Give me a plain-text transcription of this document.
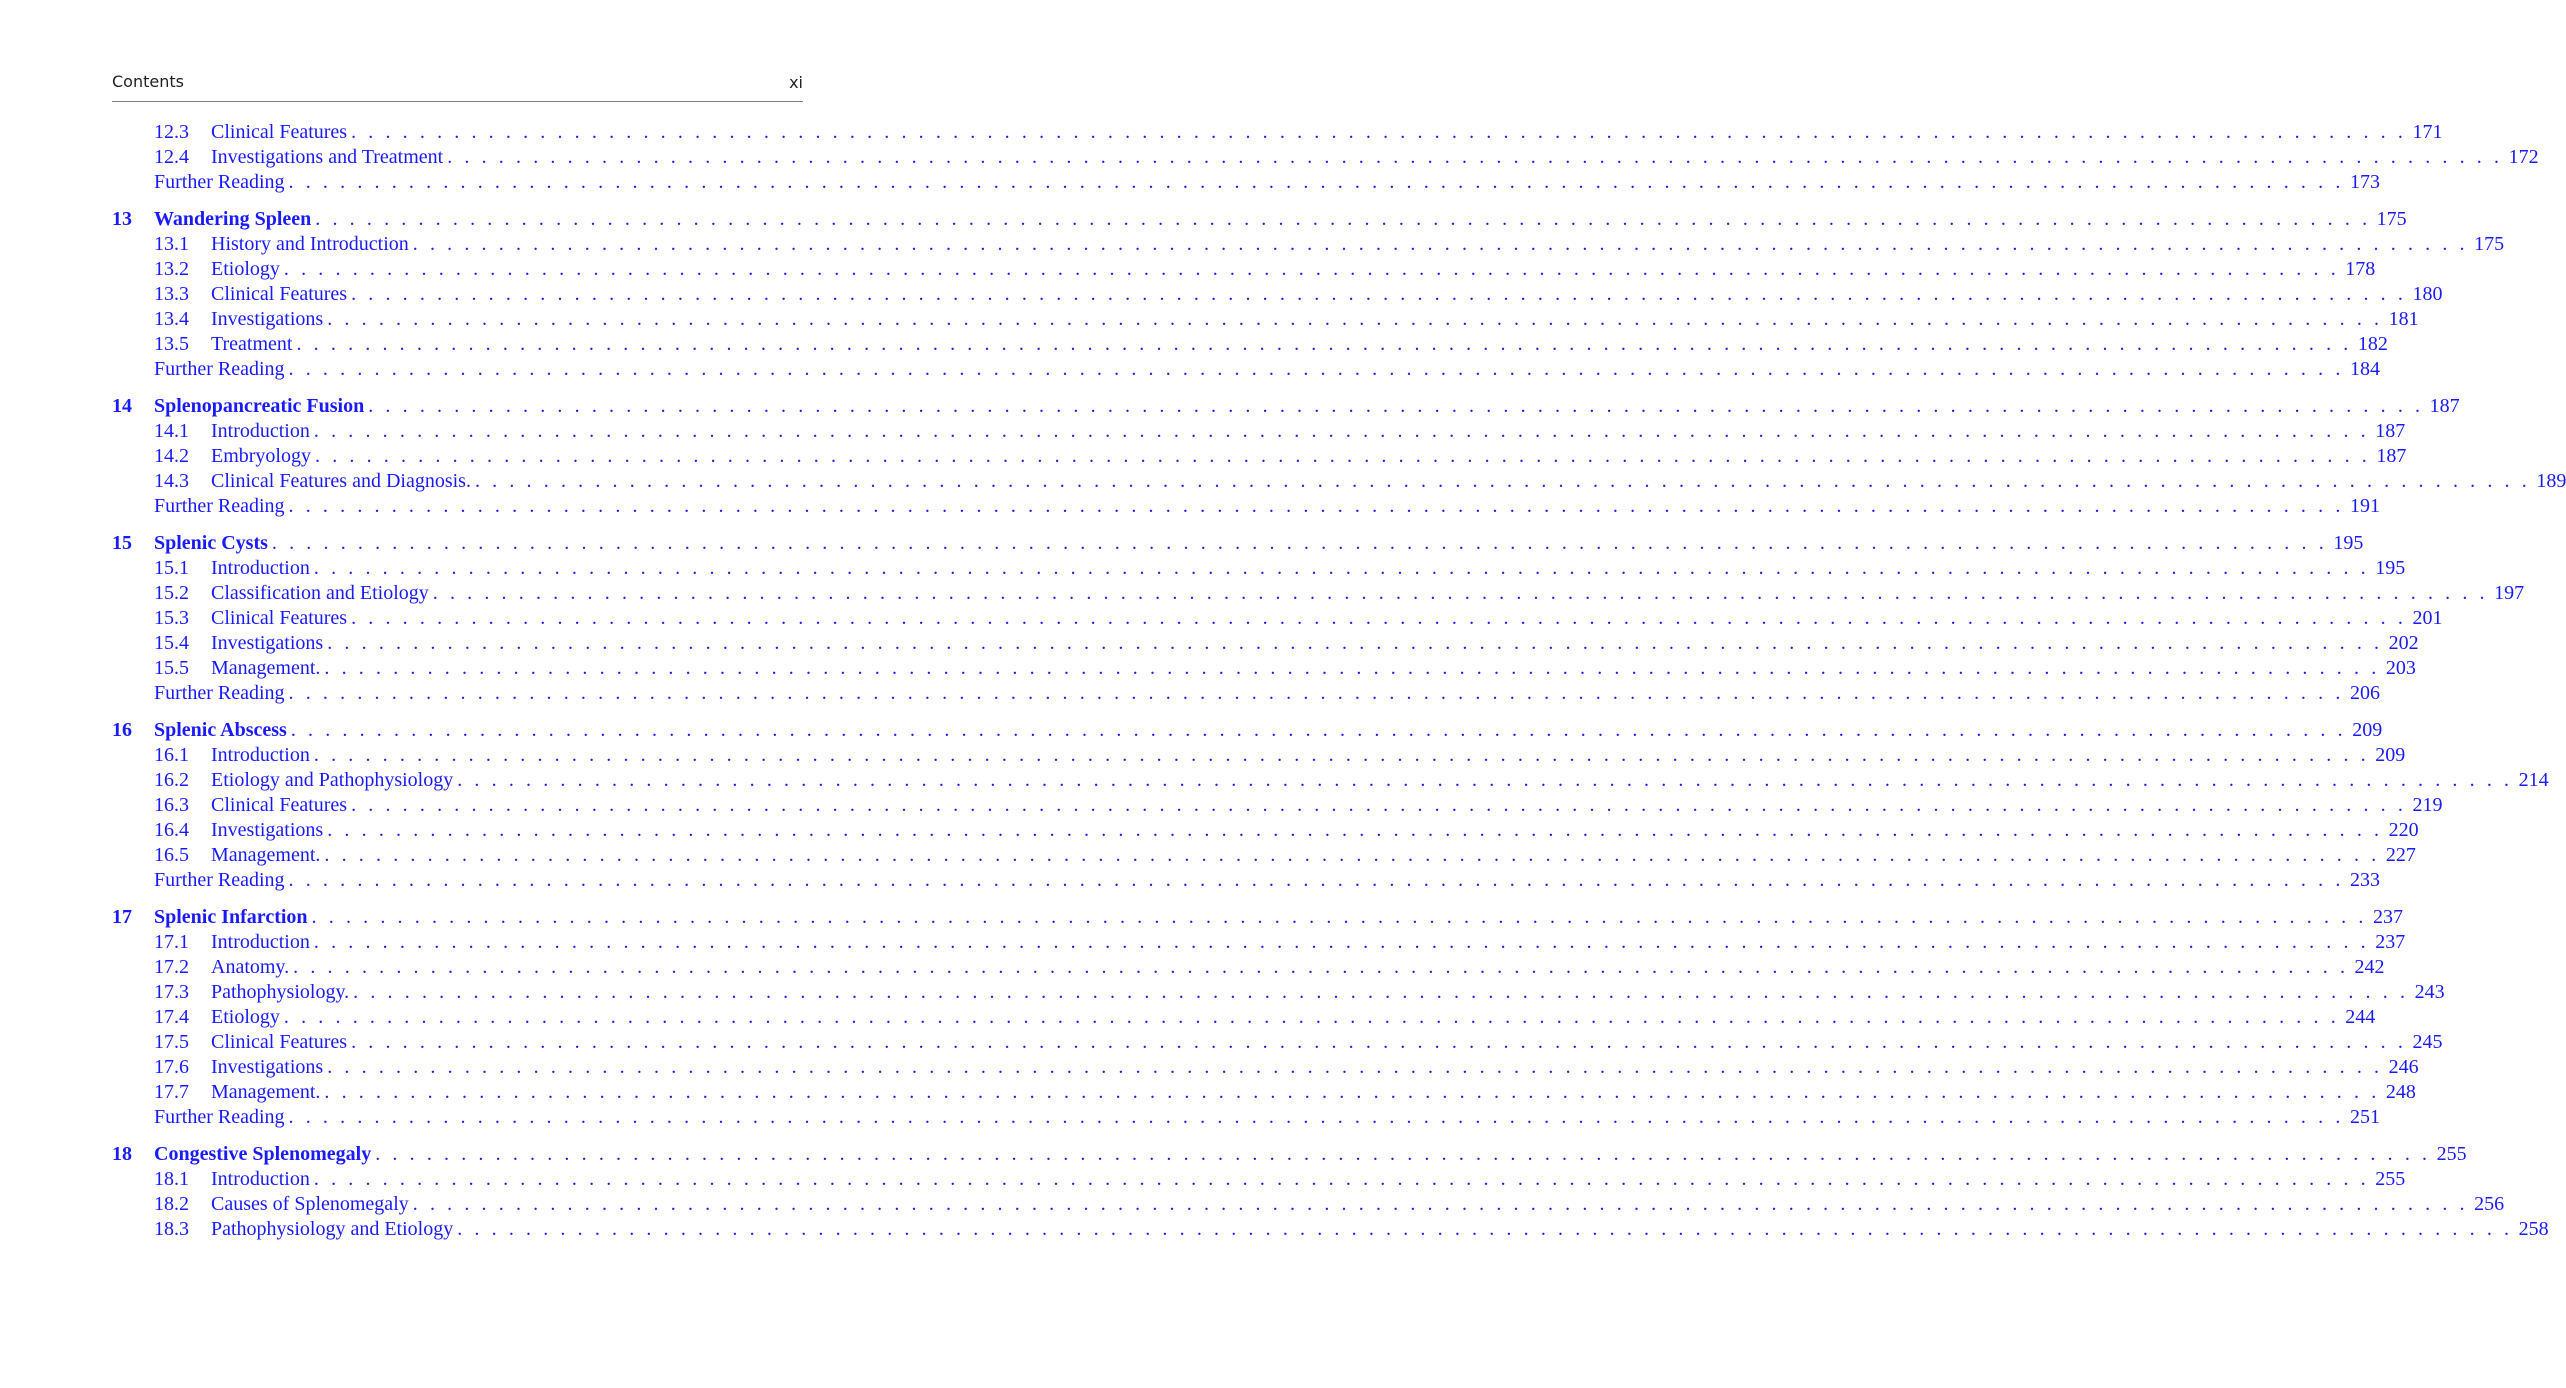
Contents	xi
12.3	Clinical Features . . . . . . . . . . . . . . . . . . . . . . . . . . . . . . . . . . . . . . . . . . . . . . . . . . . . . . . . . . . . . . . . . . . . . . . . . . . . . . . . . . . . . . . . . . . . . . . . . . . . . . . . . . . . . . . . . . . . . . . . 171
12.4	Investigations and Treatment . . . . . . . . . . . . . . . . . . . . . . . . . . . . . . . . . . . . . . . . . . . . . . . . . . . . . . . . . . . . . . . . . . . . . . . . . . . . . . . . . . . . . . . . . . . . . . . . . . . . . . . . . . . . . . . . . . . . . . . . 172
Further Reading . . . . . . . . . . . . . . . . . . . . . . . . . . . . . . . . . . . . . . . . . . . . . . . . . . . . . . . . . . . . . . . . . . . . . . . . . . . . . . . . . . . . . . . . . . . . . . . . . . . . . . . . . . . . . . . . . . . . . . . . 173
13	Wandering Spleen . . . . . . . . . . . . . . . . . . . . . . . . . . . . . . . . . . . . . . . . . . . . . . . . . . . . . . . . . . . . . . . . . . . . . . . . . . . . . . . . . . . . . . . . . . . . . . . . . . . . . . . . . . . . . . . . . . . . . . . . 175
13.1	History and Introduction . . . . . . . . . . . . . . . . . . . . . . . . . . . . . . . . . . . . . . . . . . . . . . . . . . . . . . . . . . . . . . . . . . . . . . . . . . . . . . . . . . . . . . . . . . . . . . . . . . . . . . . . . . . . . . . . . . . . . . . . 175
13.2	Etiology . . . . . . . . . . . . . . . . . . . . . . . . . . . . . . . . . . . . . . . . . . . . . . . . . . . . . . . . . . . . . . . . . . . . . . . . . . . . . . . . . . . . . . . . . . . . . . . . . . . . . . . . . . . . . . . . . . . . . . . . 178
13.3	Clinical Features . . . . . . . . . . . . . . . . . . . . . . . . . . . . . . . . . . . . . . . . . . . . . . . . . . . . . . . . . . . . . . . . . . . . . . . . . . . . . . . . . . . . . . . . . . . . . . . . . . . . . . . . . . . . . . . . . . . . . . . . 180
13.4	Investigations . . . . . . . . . . . . . . . . . . . . . . . . . . . . . . . . . . . . . . . . . . . . . . . . . . . . . . . . . . . . . . . . . . . . . . . . . . . . . . . . . . . . . . . . . . . . . . . . . . . . . . . . . . . . . . . . . . . . . . . . 181
13.5	Treatment . . . . . . . . . . . . . . . . . . . . . . . . . . . . . . . . . . . . . . . . . . . . . . . . . . . . . . . . . . . . . . . . . . . . . . . . . . . . . . . . . . . . . . . . . . . . . . . . . . . . . . . . . . . . . . . . . . . . . . . . 182
Further Reading . . . . . . . . . . . . . . . . . . . . . . . . . . . . . . . . . . . . . . . . . . . . . . . . . . . . . . . . . . . . . . . . . . . . . . . . . . . . . . . . . . . . . . . . . . . . . . . . . . . . . . . . . . . . . . . . . . . . . . . . 184
14	Splenopancreatic Fusion . . . . . . . . . . . . . . . . . . . . . . . . . . . . . . . . . . . . . . . . . . . . . . . . . . . . . . . . . . . . . . . . . . . . . . . . . . . . . . . . . . . . . . . . . . . . . . . . . . . . . . . . . . . . . . . . . . . . . . . . 187
14.1	Introduction . . . . . . . . . . . . . . . . . . . . . . . . . . . . . . . . . . . . . . . . . . . . . . . . . . . . . . . . . . . . . . . . . . . . . . . . . . . . . . . . . . . . . . . . . . . . . . . . . . . . . . . . . . . . . . . . . . . . . . . . 187
14.2	Embryology . . . . . . . . . . . . . . . . . . . . . . . . . . . . . . . . . . . . . . . . . . . . . . . . . . . . . . . . . . . . . . . . . . . . . . . . . . . . . . . . . . . . . . . . . . . . . . . . . . . . . . . . . . . . . . . . . . . . . . . . 187
14.3	Clinical Features and Diagnosis. . . . . . . . . . . . . . . . . . . . . . . . . . . . . . . . . . . . . . . . . . . . . . . . . . . . . . . . . . . . . . . . . . . . . . . . . . . . . . . . . . . . . . . . . . . . . . . . . . . . . . . . . . . . . . . . . . . . . . . . . 189
Further Reading . . . . . . . . . . . . . . . . . . . . . . . . . . . . . . . . . . . . . . . . . . . . . . . . . . . . . . . . . . . . . . . . . . . . . . . . . . . . . . . . . . . . . . . . . . . . . . . . . . . . . . . . . . . . . . . . . . . . . . . . 191
15	Splenic Cysts . . . . . . . . . . . . . . . . . . . . . . . . . . . . . . . . . . . . . . . . . . . . . . . . . . . . . . . . . . . . . . . . . . . . . . . . . . . . . . . . . . . . . . . . . . . . . . . . . . . . . . . . . . . . . . . . . . . . . . . . 195
15.1	Introduction . . . . . . . . . . . . . . . . . . . . . . . . . . . . . . . . . . . . . . . . . . . . . . . . . . . . . . . . . . . . . . . . . . . . . . . . . . . . . . . . . . . . . . . . . . . . . . . . . . . . . . . . . . . . . . . . . . . . . . . . 195
15.2	Classification and Etiology . . . . . . . . . . . . . . . . . . . . . . . . . . . . . . . . . . . . . . . . . . . . . . . . . . . . . . . . . . . . . . . . . . . . . . . . . . . . . . . . . . . . . . . . . . . . . . . . . . . . . . . . . . . . . . . . . . . . . . . . 197
15.3	Clinical Features . . . . . . . . . . . . . . . . . . . . . . . . . . . . . . . . . . . . . . . . . . . . . . . . . . . . . . . . . . . . . . . . . . . . . . . . . . . . . . . . . . . . . . . . . . . . . . . . . . . . . . . . . . . . . . . . . . . . . . . . 201
15.4	Investigations . . . . . . . . . . . . . . . . . . . . . . . . . . . . . . . . . . . . . . . . . . . . . . . . . . . . . . . . . . . . . . . . . . . . . . . . . . . . . . . . . . . . . . . . . . . . . . . . . . . . . . . . . . . . . . . . . . . . . . . . 202
15.5	Management. . . . . . . . . . . . . . . . . . . . . . . . . . . . . . . . . . . . . . . . . . . . . . . . . . . . . . . . . . . . . . . . . . . . . . . . . . . . . . . . . . . . . . . . . . . . . . . . . . . . . . . . . . . . . . . . . . . . . . . . . 203
Further Reading . . . . . . . . . . . . . . . . . . . . . . . . . . . . . . . . . . . . . . . . . . . . . . . . . . . . . . . . . . . . . . . . . . . . . . . . . . . . . . . . . . . . . . . . . . . . . . . . . . . . . . . . . . . . . . . . . . . . . . . . 206
16	Splenic Abscess . . . . . . . . . . . . . . . . . . . . . . . . . . . . . . . . . . . . . . . . . . . . . . . . . . . . . . . . . . . . . . . . . . . . . . . . . . . . . . . . . . . . . . . . . . . . . . . . . . . . . . . . . . . . . . . . . . . . . . . . 209
16.1	Introduction . . . . . . . . . . . . . . . . . . . . . . . . . . . . . . . . . . . . . . . . . . . . . . . . . . . . . . . . . . . . . . . . . . . . . . . . . . . . . . . . . . . . . . . . . . . . . . . . . . . . . . . . . . . . . . . . . . . . . . . . 209
16.2	Etiology and Pathophysiology . . . . . . . . . . . . . . . . . . . . . . . . . . . . . . . . . . . . . . . . . . . . . . . . . . . . . . . . . . . . . . . . . . . . . . . . . . . . . . . . . . . . . . . . . . . . . . . . . . . . . . . . . . . . . . . . . . . . . . . . 214
16.3	Clinical Features . . . . . . . . . . . . . . . . . . . . . . . . . . . . . . . . . . . . . . . . . . . . . . . . . . . . . . . . . . . . . . . . . . . . . . . . . . . . . . . . . . . . . . . . . . . . . . . . . . . . . . . . . . . . . . . . . . . . . . . . 219
16.4	Investigations . . . . . . . . . . . . . . . . . . . . . . . . . . . . . . . . . . . . . . . . . . . . . . . . . . . . . . . . . . . . . . . . . . . . . . . . . . . . . . . . . . . . . . . . . . . . . . . . . . . . . . . . . . . . . . . . . . . . . . . . 220
16.5	Management. . . . . . . . . . . . . . . . . . . . . . . . . . . . . . . . . . . . . . . . . . . . . . . . . . . . . . . . . . . . . . . . . . . . . . . . . . . . . . . . . . . . . . . . . . . . . . . . . . . . . . . . . . . . . . . . . . . . . . . . . 227
Further Reading . . . . . . . . . . . . . . . . . . . . . . . . . . . . . . . . . . . . . . . . . . . . . . . . . . . . . . . . . . . . . . . . . . . . . . . . . . . . . . . . . . . . . . . . . . . . . . . . . . . . . . . . . . . . . . . . . . . . . . . . 233
17	Splenic Infarction . . . . . . . . . . . . . . . . . . . . . . . . . . . . . . . . . . . . . . . . . . . . . . . . . . . . . . . . . . . . . . . . . . . . . . . . . . . . . . . . . . . . . . . . . . . . . . . . . . . . . . . . . . . . . . . . . . . . . . . . 237
17.1	Introduction . . . . . . . . . . . . . . . . . . . . . . . . . . . . . . . . . . . . . . . . . . . . . . . . . . . . . . . . . . . . . . . . . . . . . . . . . . . . . . . . . . . . . . . . . . . . . . . . . . . . . . . . . . . . . . . . . . . . . . . . 237
17.2	Anatomy. . . . . . . . . . . . . . . . . . . . . . . . . . . . . . . . . . . . . . . . . . . . . . . . . . . . . . . . . . . . . . . . . . . . . . . . . . . . . . . . . . . . . . . . . . . . . . . . . . . . . . . . . . . . . . . . . . . . . . . . . 242
17.3	Pathophysiology. . . . . . . . . . . . . . . . . . . . . . . . . . . . . . . . . . . . . . . . . . . . . . . . . . . . . . . . . . . . . . . . . . . . . . . . . . . . . . . . . . . . . . . . . . . . . . . . . . . . . . . . . . . . . . . . . . . . . . . . . 243
17.4	Etiology . . . . . . . . . . . . . . . . . . . . . . . . . . . . . . . . . . . . . . . . . . . . . . . . . . . . . . . . . . . . . . . . . . . . . . . . . . . . . . . . . . . . . . . . . . . . . . . . . . . . . . . . . . . . . . . . . . . . . . . . 244
17.5	Clinical Features . . . . . . . . . . . . . . . . . . . . . . . . . . . . . . . . . . . . . . . . . . . . . . . . . . . . . . . . . . . . . . . . . . . . . . . . . . . . . . . . . . . . . . . . . . . . . . . . . . . . . . . . . . . . . . . . . . . . . . . . 245
17.6	Investigations . . . . . . . . . . . . . . . . . . . . . . . . . . . . . . . . . . . . . . . . . . . . . . . . . . . . . . . . . . . . . . . . . . . . . . . . . . . . . . . . . . . . . . . . . . . . . . . . . . . . . . . . . . . . . . . . . . . . . . . . 246
17.7	Management. . . . . . . . . . . . . . . . . . . . . . . . . . . . . . . . . . . . . . . . . . . . . . . . . . . . . . . . . . . . . . . . . . . . . . . . . . . . . . . . . . . . . . . . . . . . . . . . . . . . . . . . . . . . . . . . . . . . . . . . . 248
Further Reading . . . . . . . . . . . . . . . . . . . . . . . . . . . . . . . . . . . . . . . . . . . . . . . . . . . . . . . . . . . . . . . . . . . . . . . . . . . . . . . . . . . . . . . . . . . . . . . . . . . . . . . . . . . . . . . . . . . . . . . . 251
18	Congestive Splenomegaly . . . . . . . . . . . . . . . . . . . . . . . . . . . . . . . . . . . . . . . . . . . . . . . . . . . . . . . . . . . . . . . . . . . . . . . . . . . . . . . . . . . . . . . . . . . . . . . . . . . . . . . . . . . . . . . . . . . . . . . . 255
18.1	Introduction . . . . . . . . . . . . . . . . . . . . . . . . . . . . . . . . . . . . . . . . . . . . . . . . . . . . . . . . . . . . . . . . . . . . . . . . . . . . . . . . . . . . . . . . . . . . . . . . . . . . . . . . . . . . . . . . . . . . . . . . 255
18.2	Causes of Splenomegaly . . . . . . . . . . . . . . . . . . . . . . . . . . . . . . . . . . . . . . . . . . . . . . . . . . . . . . . . . . . . . . . . . . . . . . . . . . . . . . . . . . . . . . . . . . . . . . . . . . . . . . . . . . . . . . . . . . . . . . . . 256
18.3	Pathophysiology and Etiology . . . . . . . . . . . . . . . . . . . . . . . . . . . . . . . . . . . . . . . . . . . . . . . . . . . . . . . . . . . . . . . . . . . . . . . . . . . . . . . . . . . . . . . . . . . . . . . . . . . . . . . . . . . . . . . . . . . . . . . . 258
